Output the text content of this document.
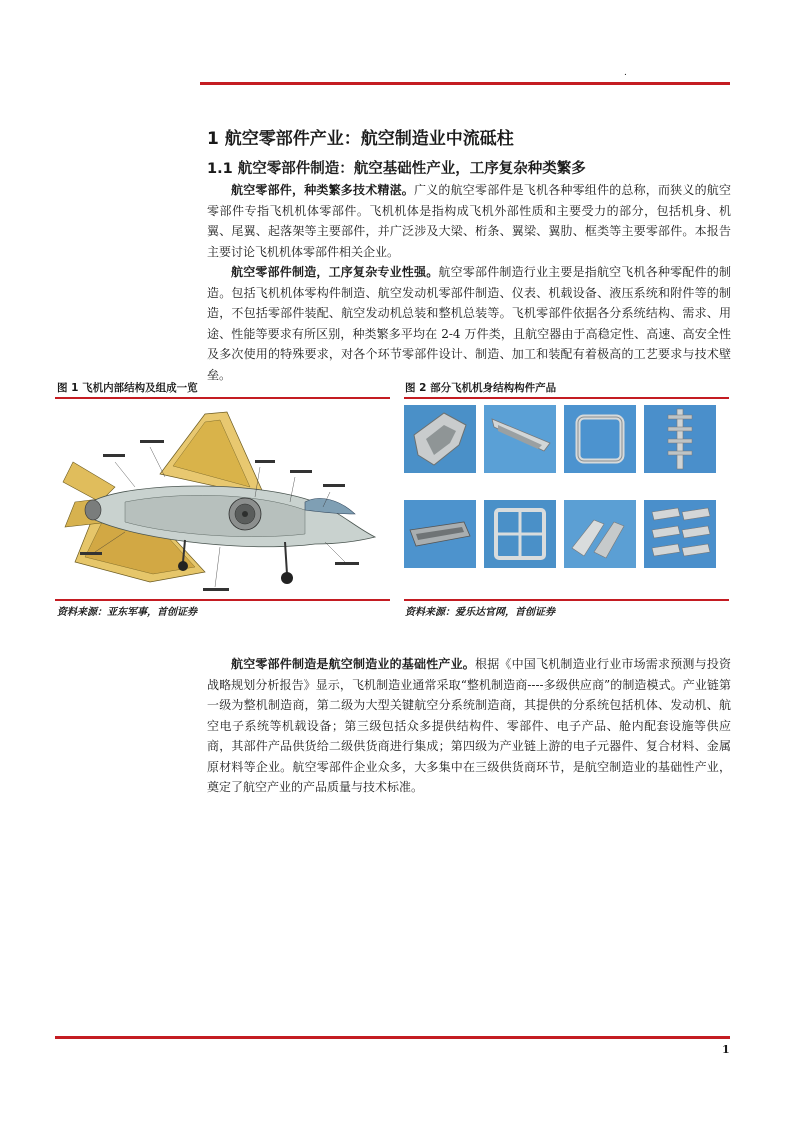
.
1 航空零部件产业：航空制造业中流砥柱
1.1 航空零部件制造：航空基础性产业，工序复杂种类繁多

航空零部件，种类繁多技术精湛。广义的航空零部件是飞机各种零组件的总称，而狭义的航空零部件专指飞机机体零部件。飞机机体是指构成飞机外部性质和主要受力的部分，包括机身、机翼、尾翼、起落架等主要部件，并广泛涉及大梁、桁条、翼梁、翼肋、框类等主要零部件。本报告主要讨论飞机机体零部件相关企业。

航空零部件制造，工序复杂专业性强。航空零部件制造行业主要是指航空飞机各种零配件的制造。包括飞机机体零构件制造、航空发动机零部件制造、仪表、机载设备、液压系统和附件等的制造，不包括零部件装配、航空发动机总装和整机总装等。飞机零部件依据各分系统结构、需求、用途、性能等要求有所区别，种类繁多平均在 2-4 万件类，且航空器由于高稳定性、高速、高安全性及多次使用的特殊要求，对各个环节零部件设计、制造、加工和装配有着极高的工艺要求与技术壁垒。

图 1 飞机内部结构及组成一览	图 2 部分飞机机身结构构件产品
资料来源：亚东军事，首创证券	资料来源：爱乐达官网，首创证券

航空零部件制造是航空制造业的基础性产业。根据《中国飞机制造业行业市场需求预测与投资战略规划分析报告》显示，飞机制造业通常采取“整机制造商----多级供应商”的制造模式。产业链第一级为整机制造商，第二级为大型关键航空分系统制造商，其提供的分系统包括机体、发动机、航空电子系统等机载设备；第三级包括众多提供结构件、零部件、电子产品、舱内配套设施等供应商，其部件产品供货给二级供货商进行集成；第四级为产业链上游的电子元器件、复合材料、金属原材料等企业。航空零部件企业众多，大多集中在三级供货商环节，是航空制造业的基础性产业，奠定了航空产业的产品质量与技术标准。

1
